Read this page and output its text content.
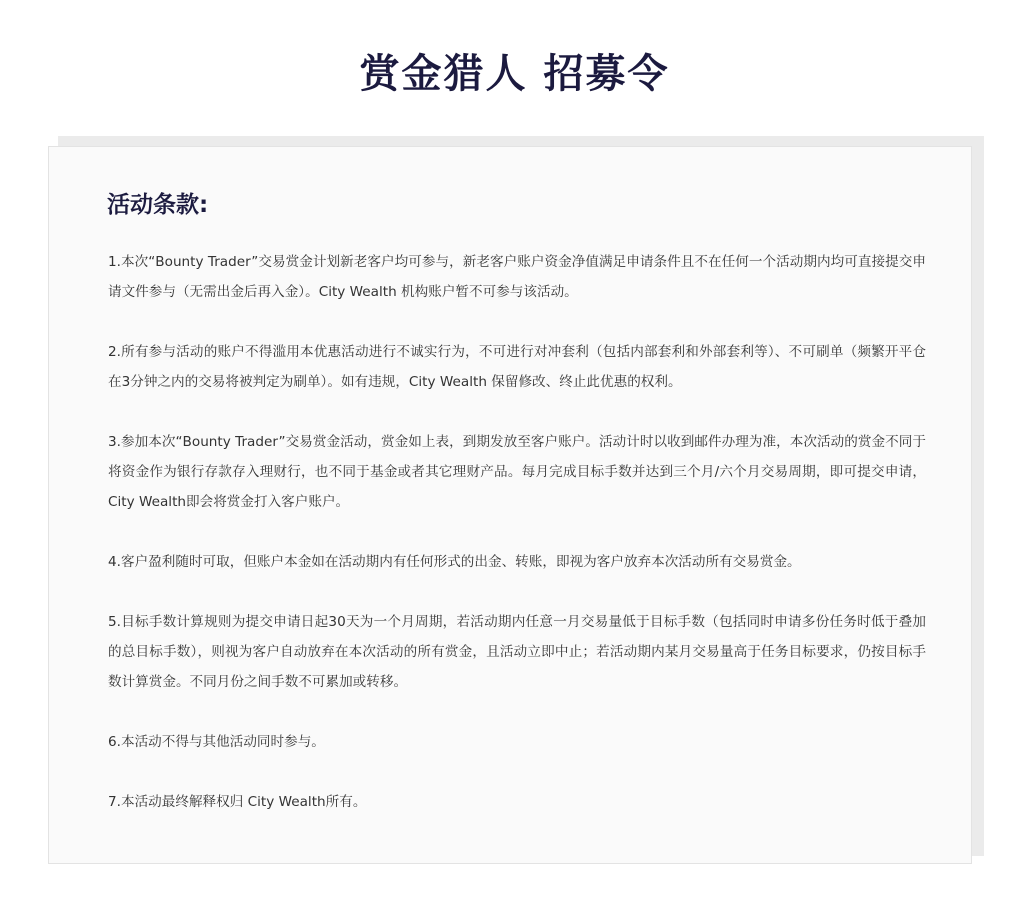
赏金猎人 招募令
活动条款:
1.本次“Bounty Trader”交易赏金计划新老客户均可参与，新老客户账户资金净值满足申请条件且不在任何一个活动期内均可直接提交申请文件参与（无需出金后再入金）。City Wealth 机构账户暂不可参与该活动。
2.所有参与活动的账户不得滥用本优惠活动进行不诚实行为，不可进行对冲套利（包括内部套利和外部套利等）、不可刷单（频繁开平仓在3分钟之内的交易将被判定为刷单）。如有违规，City Wealth 保留修改、终止此优惠的权利。
3.参加本次“Bounty Trader”交易赏金活动，赏金如上表，到期发放至客户账户。活动计时以收到邮件办理为准，本次活动的赏金不同于将资金作为银行存款存入理财行，也不同于基金或者其它理财产品。每月完成目标手数并达到三个月/六个月交易周期，即可提交申请，City Wealth即会将赏金打入客户账户。
4.客户盈利随时可取，但账户本金如在活动期内有任何形式的出金、转账，即视为客户放弃本次活动所有交易赏金。
5.目标手数计算规则为提交申请日起30天为一个月周期，若活动期内任意一月交易量低于目标手数（包括同时申请多份任务时低于叠加的总目标手数），则视为客户自动放弃在本次活动的所有赏金，且活动立即中止；若活动期内某月交易量高于任务目标要求，仍按目标手数计算赏金。不同月份之间手数不可累加或转移。
6.本活动不得与其他活动同时参与。
7.本活动最终解释权归 City Wealth所有。
